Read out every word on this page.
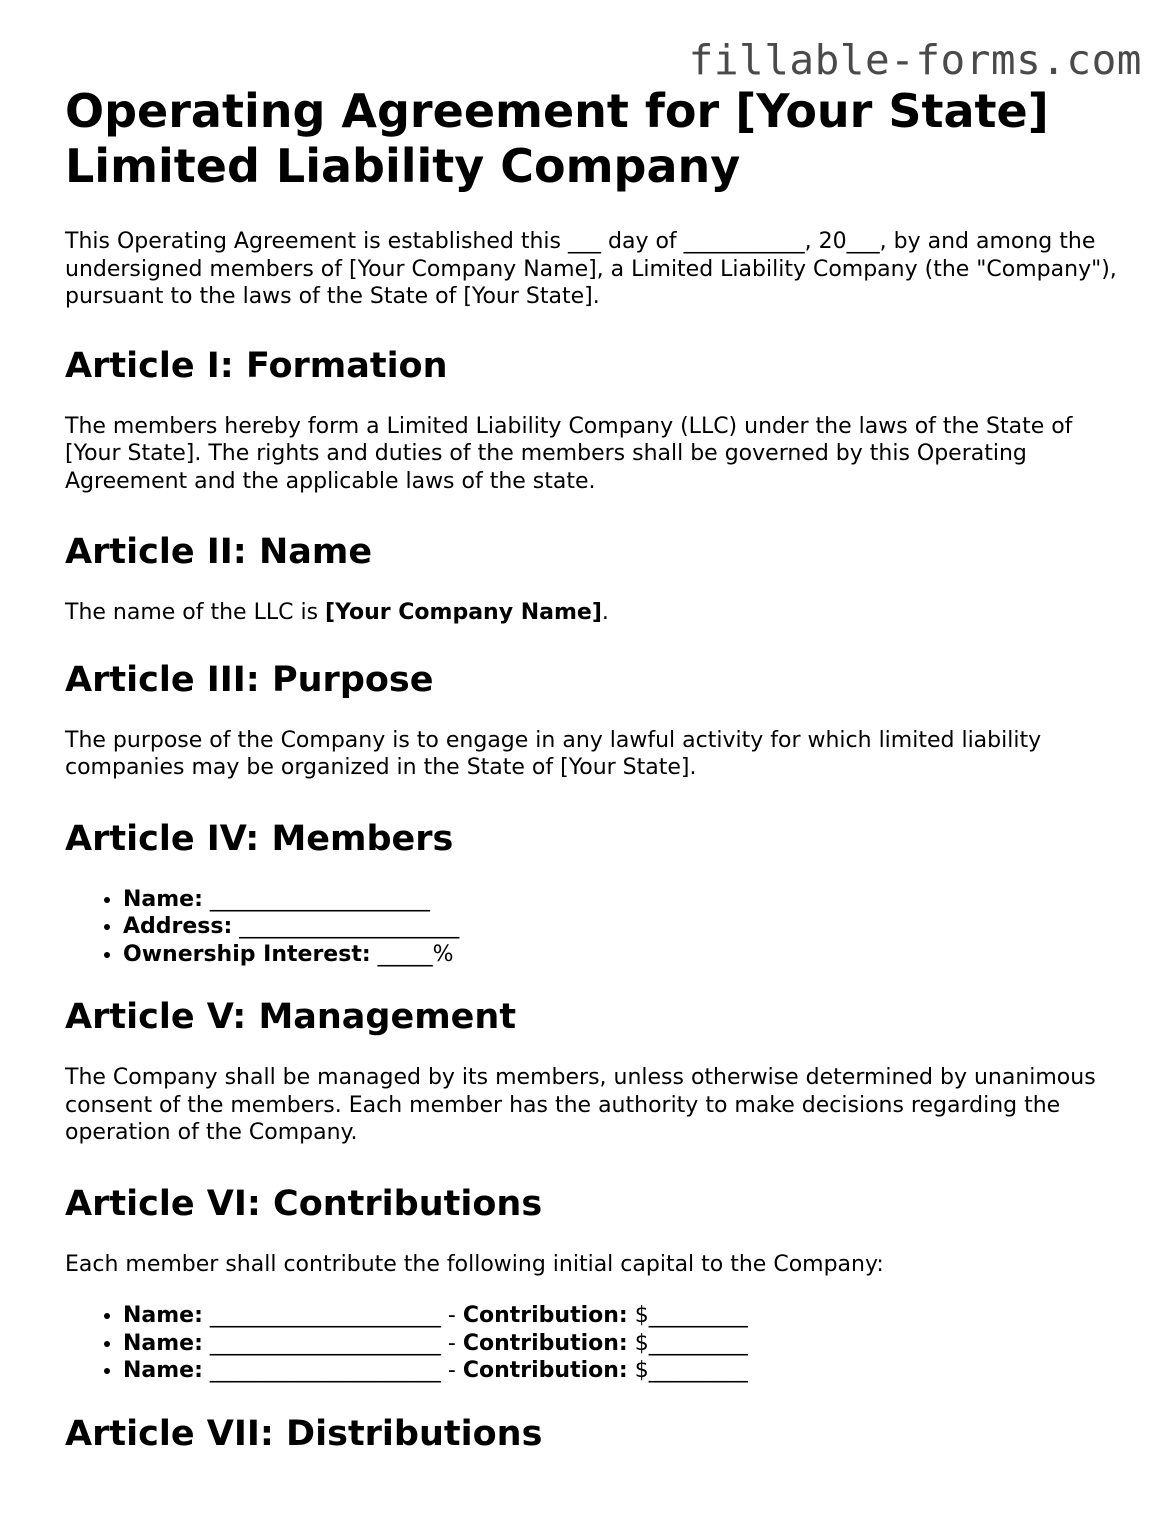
fillable-forms.com
Operating Agreement for [Your State] Limited Liability Company

This Operating Agreement is established this ___ day of ___________, 20___, by and among the undersigned members of [Your Company Name], a Limited Liability Company (the "Company"), pursuant to the laws of the State of [Your State].

Article I: Formation

The members hereby form a Limited Liability Company (LLC) under the laws of the State of [Your State]. The rights and duties of the members shall be governed by this Operating Agreement and the applicable laws of the state.

Article II: Name

The name of the LLC is [Your Company Name].

Article III: Purpose

The purpose of the Company is to engage in any lawful activity for which limited liability companies may be organized in the State of [Your State].

Article IV: Members
• Name: ____________________
• Address: ____________________
• Ownership Interest: _____%
Article V: Management

The Company shall be managed by its members, unless otherwise determined by unanimous consent of the members. Each member has the authority to make decisions regarding the operation of the Company.

Article VI: Contributions

Each member shall contribute the following initial capital to the Company:

• Name: _____________________ - Contribution: $_________
• Name: _____________________ - Contribution: $_________
• Name: _____________________ - Contribution: $_________
Article VII: Distributions
